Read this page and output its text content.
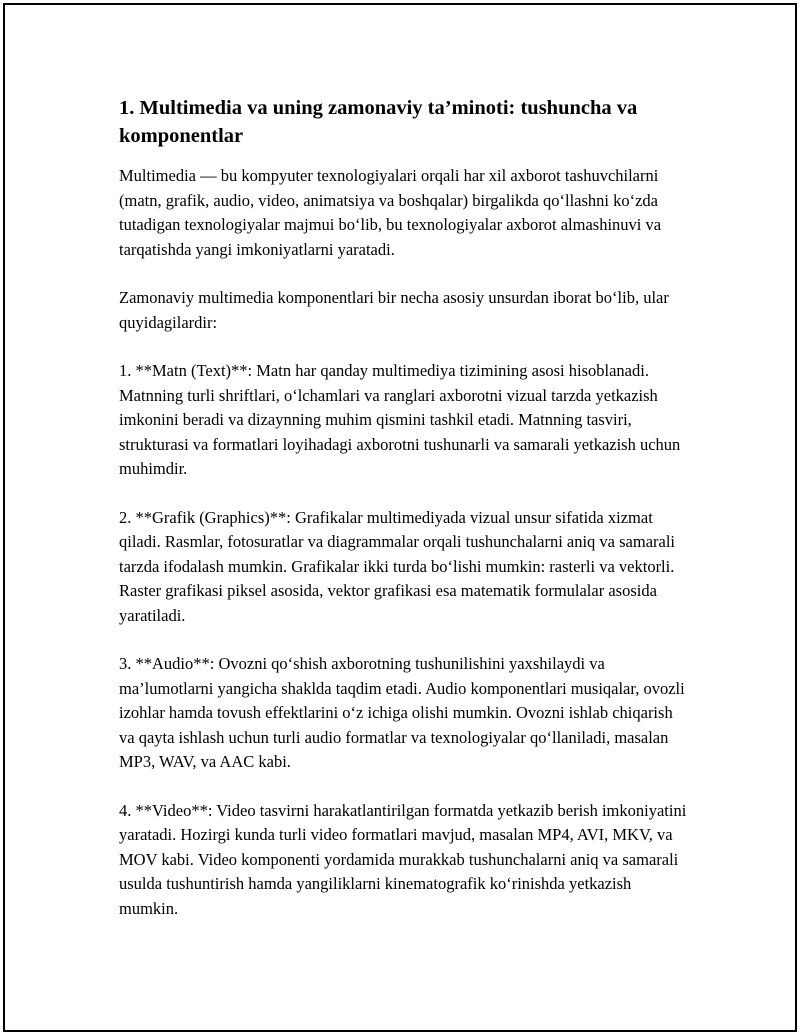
1. Multimedia va uning zamonaviy ta’minoti: tushuncha va komponentlar

Multimedia — bu kompyuter texnologiyalari orqali har xil axborot tashuvchilarni (matn, grafik, audio, video, animatsiya va boshqalar) birgalikda qo‘llashni ko‘zda tutadigan texnologiyalar majmui bo‘lib, bu texnologiyalar axborot almashinuvi va tarqatishda yangi imkoniyatlarni yaratadi.

Zamonaviy multimedia komponentlari bir necha asosiy unsurdan iborat bo‘lib, ular quyidagilardir:

1. **Matn (Text)**: Matn har qanday multimediya tizimining asosi hisoblanadi. Matnning turli shriftlari, o‘lchamlari va ranglari axborotni vizual tarzda yetkazish imkonini beradi va dizaynning muhim qismini tashkil etadi. Matnning tasviri, strukturasi va formatlari loyihadagi axborotni tushunarli va samarali yetkazish uchun muhimdir.

2. **Grafik (Graphics)**: Grafikalar multimediyada vizual unsur sifatida xizmat qiladi. Rasmlar, fotosuratlar va diagrammalar orqali tushunchalarni aniq va samarali tarzda ifodalash mumkin. Grafikalar ikki turda bo‘lishi mumkin: rasterli va vektorli. Raster grafikasi piksel asosida, vektor grafikasi esa matematik formulalar asosida yaratiladi.

3. **Audio**: Ovozni qo‘shish axborotning tushunilishini yaxshilaydi va ma’lumotlarni yangicha shaklda taqdim etadi. Audio komponentlari musiqalar, ovozli izohlar hamda tovush effektlarini o‘z ichiga olishi mumkin. Ovozni ishlab chiqarish va qayta ishlash uchun turli audio formatlar va texnologiyalar qo‘llaniladi, masalan MP3, WAV, va AAC kabi.

4. **Video**: Video tasvirni harakatlantirilgan formatda yetkazib berish imkoniyatini yaratadi. Hozirgi kunda turli video formatlari mavjud, masalan MP4, AVI, MKV, va MOV kabi. Video komponenti yordamida murakkab tushunchalarni aniq va samarali usulda tushuntirish hamda yangiliklarni kinematografik ko‘rinishda yetkazish mumkin.
